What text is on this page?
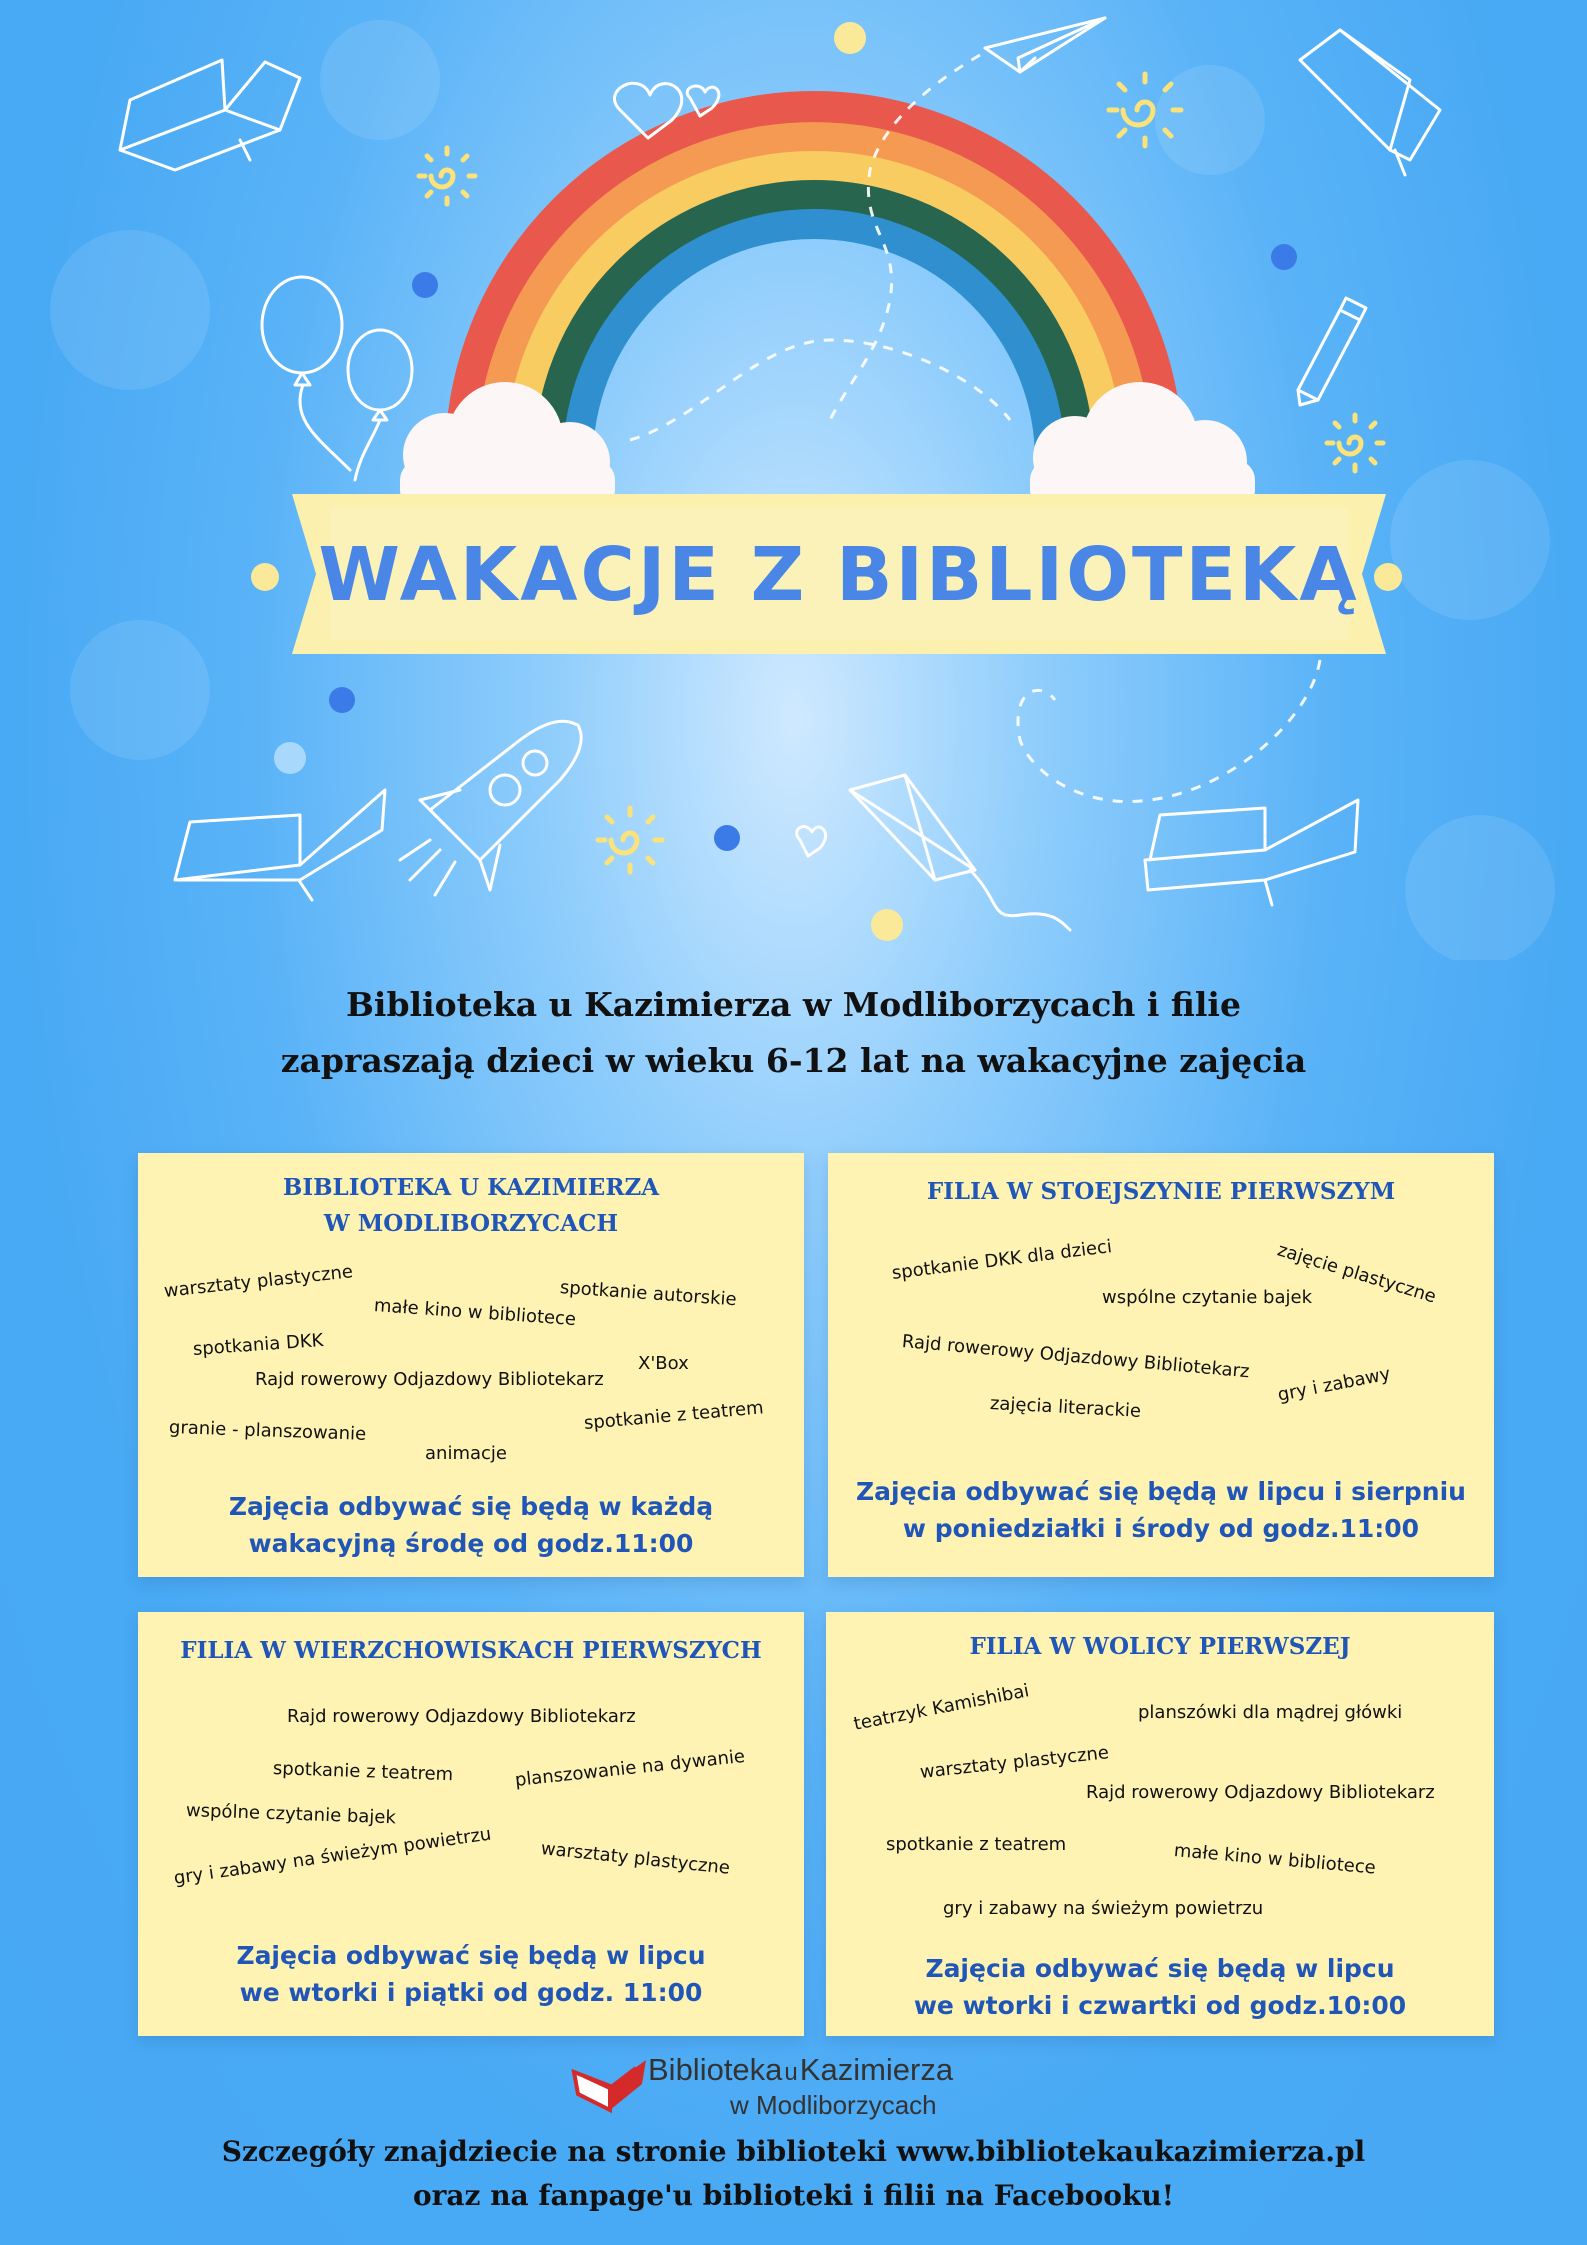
WAKACJE Z BIBLIOTEKĄ
Biblioteka u Kazimierza w Modliborzycach i filie
zapraszają dzieci w wieku 6-12 lat na wakacyjne zajęcia
BIBLIOTEKA U KAZIMIERZA
W MODLIBORZYCACH
warsztaty plastyczne
małe kino w bibliotece
spotkanie autorskie
spotkania DKK
X'Box
Rajd rowerowy Odjazdowy Bibliotekarz
granie - planszowanie	spotkanie z teatrem
animacje
Zajęcia odbywać się będą w każdą
wakacyjną środę od godz.11:00
FILIA W STOEJSZYNIE PIERWSZYM
spotkanie DKK dla dzieci	zajęcie plastyczne
wspólne czytanie bajek
Rajd rowerowy Odjazdowy Bibliotekarz
gry i zabawy
zajęcia literackie
Zajęcia odbywać się będą w lipcu i sierpniu
w poniedziałki i środy od godz.11:00
FILIA W WIERZCHOWISKACH PIERWSZYCH
Rajd rowerowy Odjazdowy Bibliotekarz
spotkanie z teatrem	planszowanie na dywanie
wspólne czytanie bajek
warsztaty plastyczne
gry i zabawy na świeżym powietrzu
Zajęcia odbywać się będą w lipcu
we wtorki i piątki od godz. 11:00
FILIA W WOLICY PIERWSZEJ
teatrzyk Kamishibai	planszówki dla mądrej główki
warsztaty plastyczne
Rajd rowerowy Odjazdowy Bibliotekarz
spotkanie z teatrem	małe kino w bibliotece
gry i zabawy na świeżym powietrzu
Zajęcia odbywać się będą w lipcu
we wtorki i czwartki od godz.10:00
BibliotekauKazimierza
w Modliborzycach
Szczegóły znajdziecie na stronie biblioteki www.bibliotekaukazimierza.pl
oraz na fanpage'u biblioteki i filii na Facebooku!
